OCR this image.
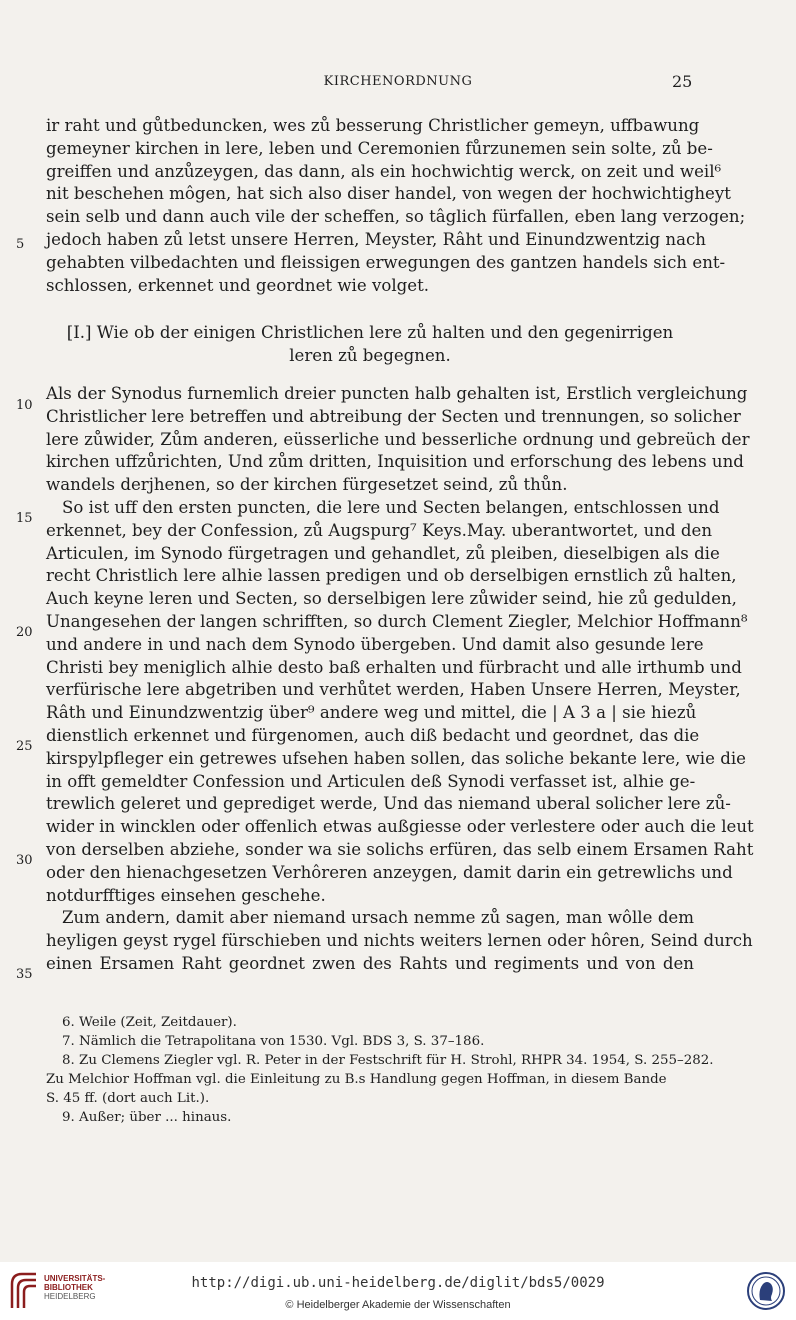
KIRCHENORDNUNG	25
5
10
15
20
25
30
35
ir raht und gůtbeduncken, wes zů besserung Christlicher gemeyn, uffbawung
gemeyner kirchen in lere, leben und Ceremonien fůrzunemen sein solte, zů be-
greiffen und anzůzeygen, das dann, als ein hochwichtig werck, on zeit und weil⁶
nit beschehen môgen, hat sich also diser handel, von wegen der hochwichtigheyt
sein selb und dann auch vile der scheffen, so tâglich fürfallen, eben lang verzogen;
jedoch haben zů letst unsere Herren, Meyster, Râht und Einundzwentzig nach
gehabten vilbedachten und fleissigen erwegungen des gantzen handels sich ent-
schlossen, erkennet und geordnet wie volget.
[I.] Wie ob der einigen Christlichen lere zů halten und den gegenirrigen
leren zů begegnen.
Als der Synodus furnemlich dreier puncten halb gehalten ist, Erstlich vergleichung
Christlicher lere betreffen und abtreibung der Secten und trennungen, so solicher
lere zůwider, Zům anderen, eüsserliche und besserliche ordnung und gebreüch der
kirchen uffzůrichten, Und zům dritten, Inquisition und erforschung des lebens und
wandels derjhenen, so der kirchen fürgesetzet seind, zů thůn.
So ist uff den ersten puncten, die lere und Secten belangen, entschlossen und
erkennet, bey der Confession, zů Augspurg⁷ Keys.May. uberantwortet, und den
Articulen, im Synodo fürgetragen und gehandlet, zů pleiben, dieselbigen als die
recht Christlich lere alhie lassen predigen und ob derselbigen ernstlich zů halten,
Auch keyne leren und Secten, so derselbigen lere zůwider seind, hie zů gedulden,
Unangesehen der langen schrifften, so durch Clement Ziegler, Melchior Hoffmann⁸
und andere in und nach dem Synodo übergeben. Und damit also gesunde lere
Christi bey meniglich alhie desto baß erhalten und fürbracht und alle irthumb und
verfürische lere abgetriben und verhůtet werden, Haben Unsere Herren, Meyster,
Râth und Einundzwentzig über⁹ andere weg und mittel, die | A 3 a | sie hiezů
dienstlich erkennet und fürgenomen, auch diß bedacht und geordnet, das die
kirspylpfleger ein getrewes ufsehen haben sollen, das soliche bekante lere, wie die
in offt gemeldter Confession und Articulen deß Synodi verfasset ist, alhie ge-
trewlich geleret und geprediget werde, Und das niemand uberal solicher lere zů-
wider in wincklen oder offenlich etwas außgiesse oder verlestere oder auch die leut
von derselben abziehe, sonder wa sie solichs erfüren, das selb einem Ersamen Raht
oder den hienachgesetzen Verhôreren anzeygen, damit darin ein getrewlichs und
notdurfftiges einsehen geschehe.
Zum andern, damit aber niemand ursach nemme zů sagen, man wôlle dem
heyligen geyst rygel fürschieben und nichts weiters lernen oder hôren, Seind durch
einen Ersamen Raht geordnet zwen des Rahts und regiments und von den
6. Weile (Zeit, Zeitdauer).
7. Nämlich die Tetrapolitana von 1530. Vgl. BDS 3, S. 37–186.
8. Zu Clemens Ziegler vgl. R. Peter in der Festschrift für H. Strohl, RHPR 34. 1954, S. 255–282.
Zu Melchior Hoffman vgl. die Einleitung zu B.s Handlung gegen Hoffman, in diesem Bande
S. 45 ff. (dort auch Lit.).
9. Außer; über ... hinaus.
UNIVERSITÄTS-
BIBLIOTHEK
HEIDELBERG
http://digi.ub.uni-heidelberg.de/diglit/bds5/0029
© Heidelberger Akademie der Wissenschaften
